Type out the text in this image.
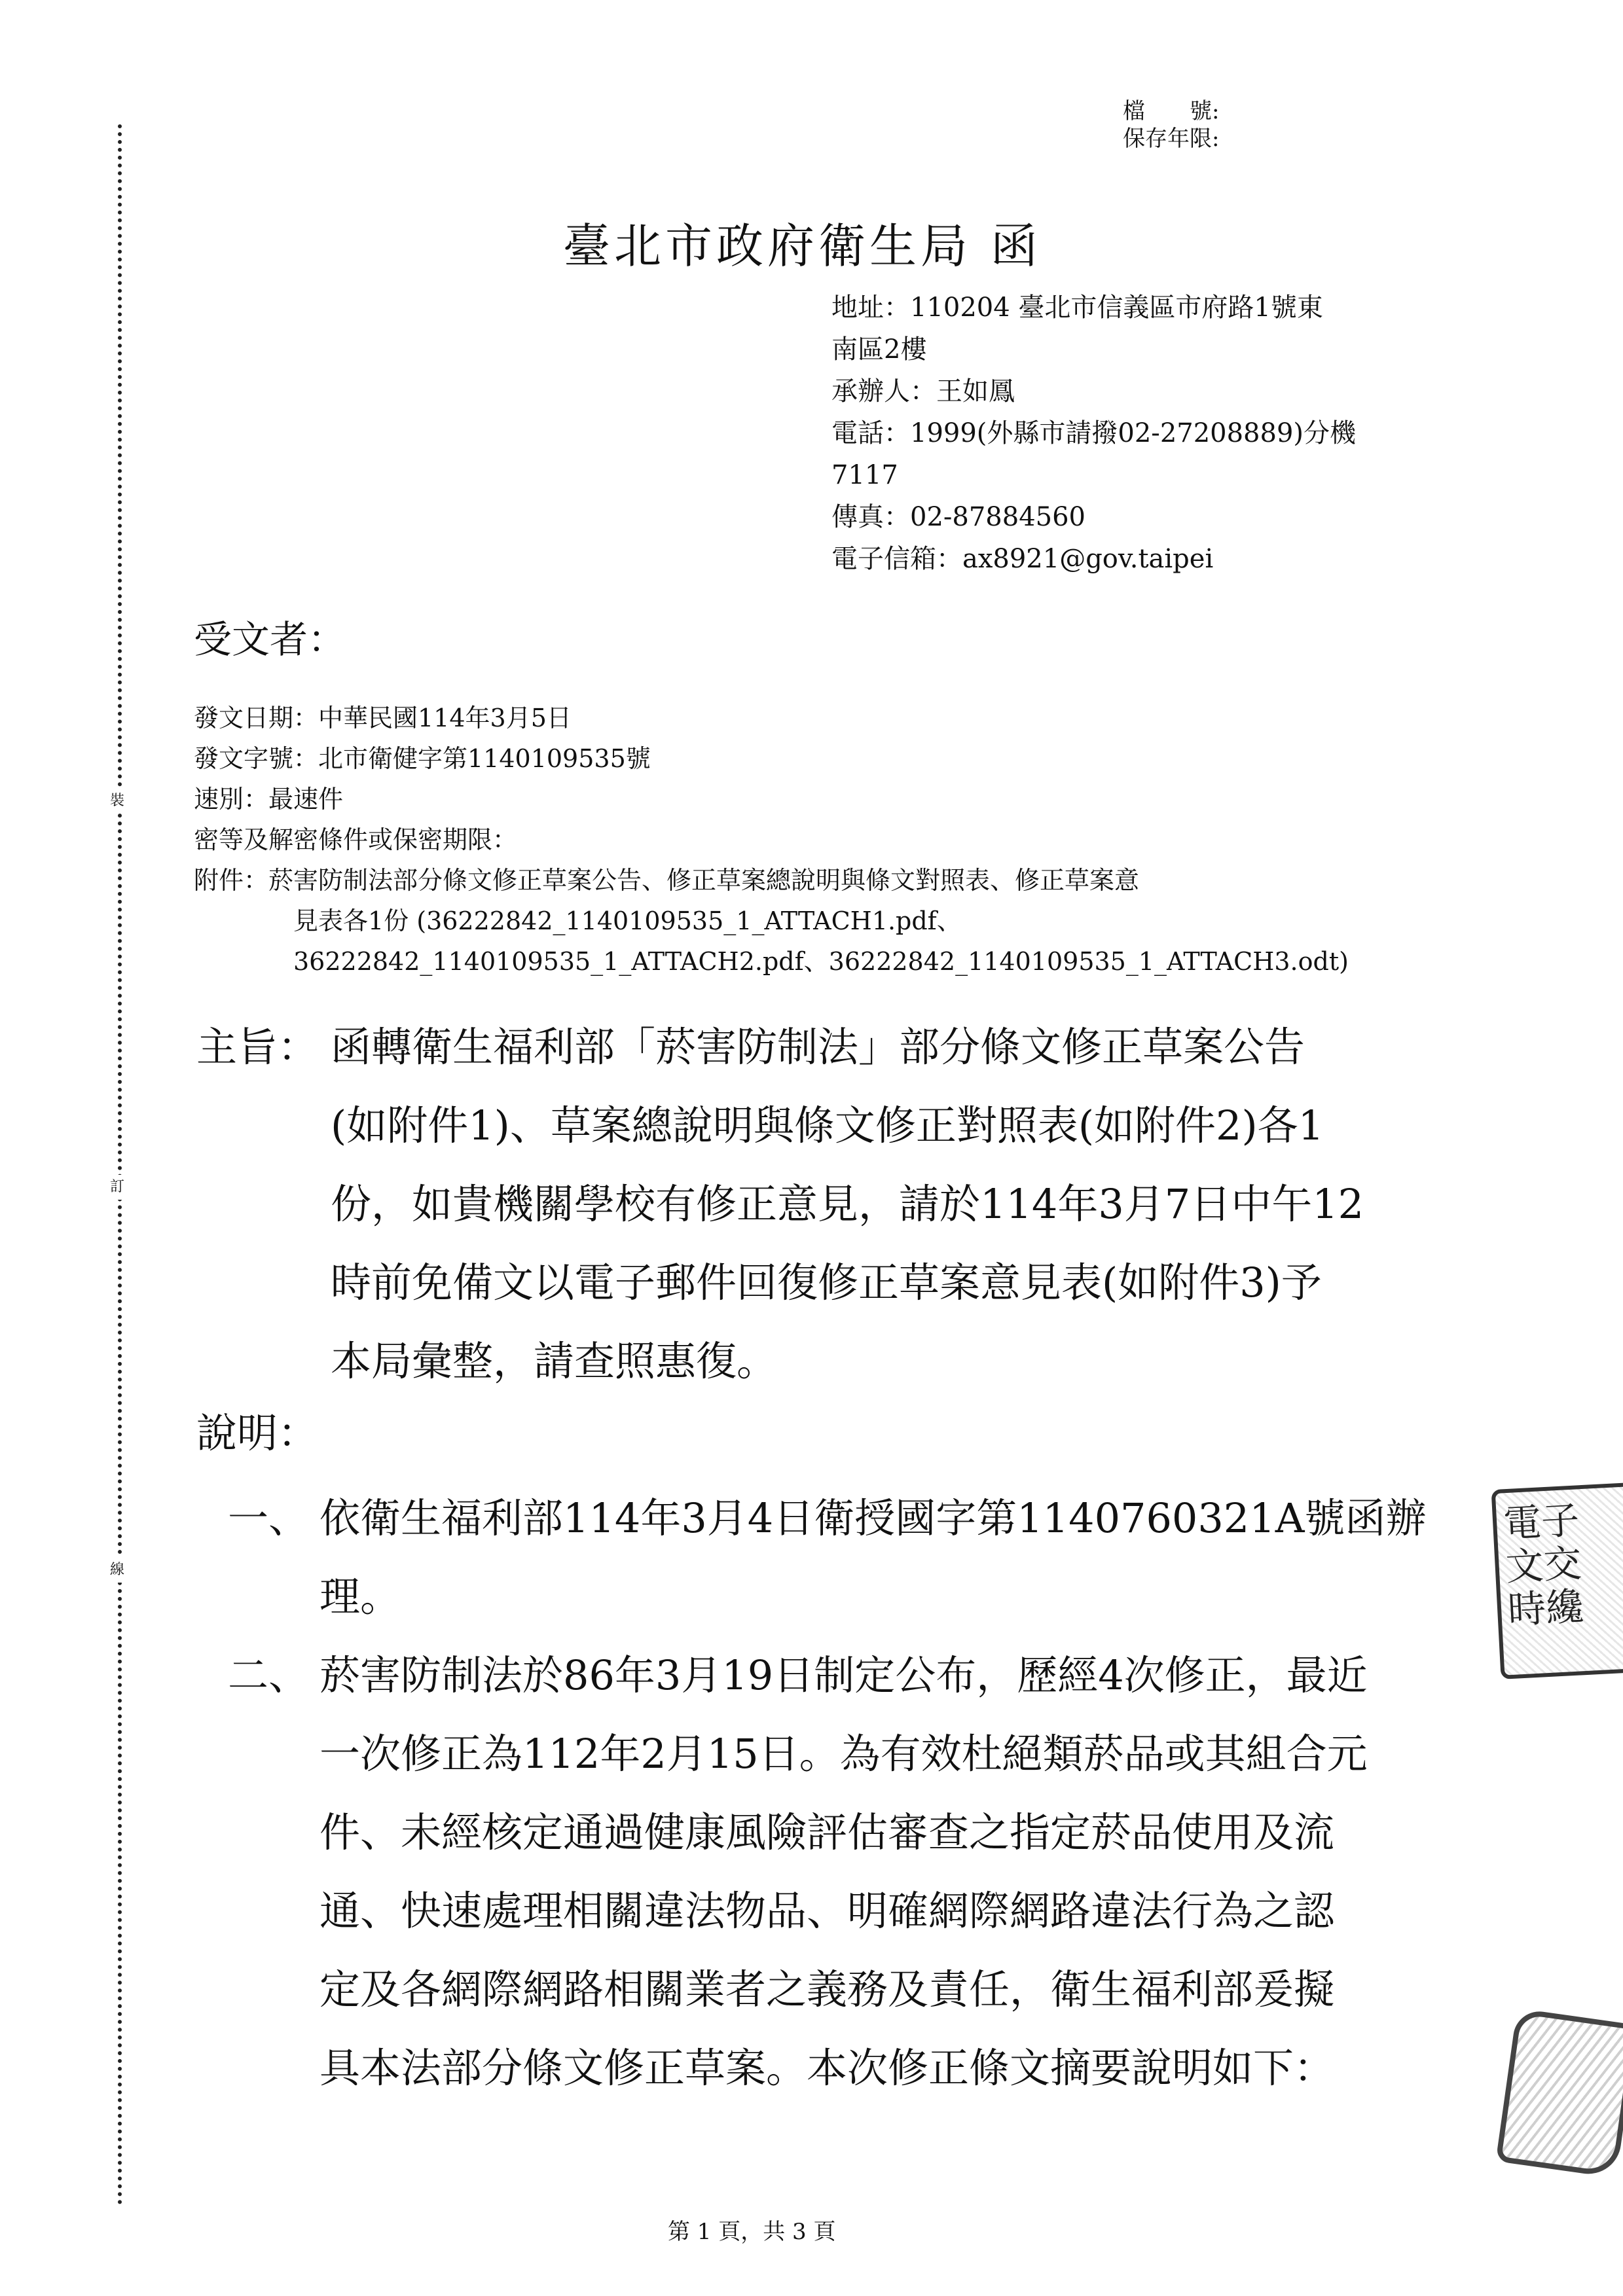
裝
訂
線
檔　　號:
保存年限:
臺北市政府衛生局 函
地址：110204 臺北市信義區市府路1號東
南區2樓
承辦人：王如鳳
電話：1999(外縣市請撥02-27208889)分機
7117
傳真：02-87884560
電子信箱：ax8921@gov.taipei
受文者：
發文日期：中華民國114年3月5日
發文字號：北市衛健字第1140109535號
速別：最速件
密等及解密條件或保密期限：
附件：菸害防制法部分條文修正草案公告、修正草案總說明與條文對照表、修正草案意
見表各1份 (36222842_1140109535_1_ATTACH1.pdf、
36222842_1140109535_1_ATTACH2.pdf、36222842_1140109535_1_ATTACH3.odt)
主旨： 函轉衛生福利部「菸害防制法」部分條文修正草案公告
(如附件1)、草案總說明與條文修正對照表(如附件2)各1
份，如貴機關學校有修正意見，請於114年3月7日中午12
時前免備文以電子郵件回復修正草案意見表(如附件3)予
本局彙整，請查照惠復。
說明：
一、 依衛生福利部114年3月4日衛授國字第1140760321A號函辦
理。
二、 菸害防制法於86年3月19日制定公布，歷經4次修正，最近
一次修正為112年2月15日。為有效杜絕類菸品或其組合元
件、未經核定通過健康風險評估審查之指定菸品使用及流
通、快速處理相關違法物品、明確網際網路違法行為之認
定及各網際網路相關業者之義務及責任，衛生福利部爰擬
具本法部分條文修正草案。本次修正條文摘要說明如下：
電子
文交
時纔
第 1 頁，共 3 頁
